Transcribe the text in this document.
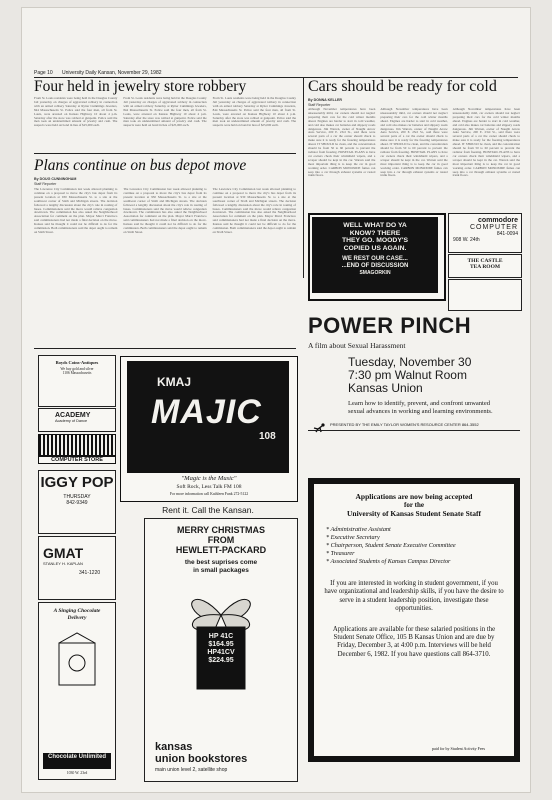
Page 10 University Daily Kansan, November 29, 1982
Four held in jewelry store robbery

From St. Louis residents were being held in the Douglas County Jail yesterday on charges of aggravated robbery in connection with an armed robbery Saturday at Rytter Cummings Jewelers, 844 Massachusetts St. Police said the four men, all from St. Louis, were arrested on Kansas Highway 10 about 4 p.m. Saturday after the store was robbed at gunpoint. Police said the men took an undetermined amount of jewelry and cash. The suspects were held on bond in lieu of $25,000 each.

From St. Louis residents were being held in the Douglas County Jail yesterday on charges of aggravated robbery in connection with an armed robbery Saturday at Rytter Cummings Jewelers, 844 Massachusetts St. Police said the four men, all from St. Louis, were arrested on Kansas Highway 10 about 4 p.m. Saturday after the store was robbed at gunpoint. Police said the men took an undetermined amount of jewelry and cash. The suspects were held on bond in lieu of $25,000 each.

From St. Louis residents were being held in the Douglas County Jail yesterday on charges of aggravated robbery in connection with an armed robbery Saturday at Rytter Cummings Jewelers, 844 Massachusetts St. Police said the four men, all from St. Louis, were arrested on Kansas Highway 10 about 4 p.m. Saturday after the store was robbed at gunpoint. Police said the men took an undetermined amount of jewelry and cash. The suspects were held on bond in lieu of $25,000 each.

Plans continue on bus depot move
By DOUG CUNNINGHAM
Staff Reporter

The Lawrence City Commission last week allowed planning to continue on a proposal to move the city's bus depot from its present location at 930 Massachusetts St. to a site at the southwest corner of Sixth and Michigan streets. The decision followed a lengthy discussion about the city's role in routing of buses. Commissioners said the move would relieve congestion downtown. The commission has also asked the Neighborhood Association for comment on the plan. Mayor Marci Francisco said commissioners had not made a final decision on the move. Kansas said he thought it could not be difficult to do for the commission. Both commissioners said the depot ought to remain on Sixth Street.

The Lawrence City Commission last week allowed planning to continue on a proposal to move the city's bus depot from its present location at 930 Massachusetts St. to a site at the southwest corner of Sixth and Michigan streets. The decision followed a lengthy discussion about the city's role in routing of buses. Commissioners said the move would relieve congestion downtown. The commission has also asked the Neighborhood Association for comment on the plan. Mayor Marci Francisco said commissioners had not made a final decision on the move. Kansas said he thought it could not be difficult to do for the commission. Both commissioners said the depot ought to remain on Sixth Street.

The Lawrence City Commission last week allowed planning to continue on a proposal to move the city's bus depot from its present location at 930 Massachusetts St. to a site at the southwest corner of Sixth and Michigan streets. The decision followed a lengthy discussion about the city's role in routing of buses. Commissioners said the move would relieve congestion downtown. The commission has also asked the Neighborhood Association for comment on the plan. Mayor Marci Francisco said commissioners had not made a final decision on the move. Kansas said he thought it could not be difficult to do for the commission. Both commissioners said the depot ought to remain on Sixth Street.

Cars should be ready for cold
By DONNA KELLER
Staff Reporter

Although November temperatures have been unseasonably mild, car owners should not neglect preparing their cars for the cold winter months ahead. Engines are harder to start in cold weather, and cold also makes car batteries and slippery roads dangerous. Jim Warren, owner of Naught Arrow Auto Service, 200 E. 23rd St., said there were several parts of a car the owner should check to make sure it is ready for the freezing temperatures ahead. IT SHOULD be clean, and the concentration should be from 50 to 60 percent to prevent the radiator from freezing. HOSETAIL PLANS to have car owners check their windshield wipers, and a scraper should be kept in the car. Warren said the most important thing is to keep the car in good working order. CARBON MONOXIDE fumes can seep into a car through exhaust systems or rusted trunk floors.

Although November temperatures have been unseasonably mild, car owners should not neglect preparing their cars for the cold winter months ahead. Engines are harder to start in cold weather, and cold also makes car batteries and slippery roads dangerous. Jim Warren, owner of Naught Arrow Auto Service, 200 E. 23rd St., said there were several parts of a car the owner should check to make sure it is ready for the freezing temperatures ahead. IT SHOULD be clean, and the concentration should be from 50 to 60 percent to prevent the radiator from freezing. HOSETAIL PLANS to have car owners check their windshield wipers, and a scraper should be kept in the car. Warren said the most important thing is to keep the car in good working order. CARBON MONOXIDE fumes can seep into a car through exhaust systems or rusted trunk floors.

Although November temperatures have been unseasonably mild, car owners should not neglect preparing their cars for the cold winter months ahead. Engines are harder to start in cold weather, and cold also makes car batteries and slippery roads dangerous. Jim Warren, owner of Naught Arrow Auto Service, 200 E. 23rd St., said there were several parts of a car the owner should check to make sure it is ready for the freezing temperatures ahead. IT SHOULD be clean, and the concentration should be from 50 to 60 percent to prevent the radiator from freezing. HOSETAIL PLANS to have car owners check their windshield wipers, and a scraper should be kept in the car. Warren said the most important thing is to keep the car in good working order. CARBON MONOXIDE fumes can seep into a car through exhaust systems or rusted trunk floors.

WELL WHAT DO YA
KNOW? THERE
THEY GO. MOODY'S
COPIED US AGAIN.
WE REST OUR CASE...
...END OF DISCUSSION
SMAGORKIN
commodore
COMPUTER
841-0094
908 W. 24th
THE CASTLE
TEA ROOM
POWER PINCH
A film about Sexual Harassment
Tuesday, November 30
7:30 pm Walnut Room
Kansas Union
Learn how to identify, prevent, and confront unwanted sexual advances in working and learning environments.
PRESENTED BY THE EMILY TAYLOR WOMEN'S RESOURCE CENTER 864-3552
Applications are now being accepted
for the
University of Kansas Student Senate Staff
* Administrative Assistant
* Executive Secretary
* Chairperson, Student Senate Executive Committee
* Treasurer
* Associated Students of Kansas Campus Director
If you are interested in working in student government, if you have organizational and leadership skills, if you have the desire to serve in a student leadership position, investigate these opportunities.
Applications are available for these salaried positions in the Student Senate Office, 105 B Kansas Union and are due by Friday, December 3, at 4:00 p.m. Interviews will be held December 6, 1982. If you have questions call 864-3710.
paid for by Student Activity Fees
Boyds Coins-Antiques
We buy gold and silver
1106 Massachusetts
ACADEMY
Academy of Dance
COMPUTER STORE
IGGY POP
THURSDAY
842-9349
GMAT
STANLEY H. KAPLAN
341-1220
A Singing Chocolate Delivery
Chocolate Unlimited
1030 W. 23rd
KMAJ
MAJIC
108
"Magic is the Music"
Soft Rock, Less Talk FM 108
For more information call Kathleen Funk 272-5122
Rent it. Call the Kansan.
MERRY CHRISTMAS
FROM
HEWLETT-PACKARD
the best suprises come
in small packages
HP 41C
$164.95
HP41CV
$224.95
kansas
union bookstores
main union level 2, satellite shop
